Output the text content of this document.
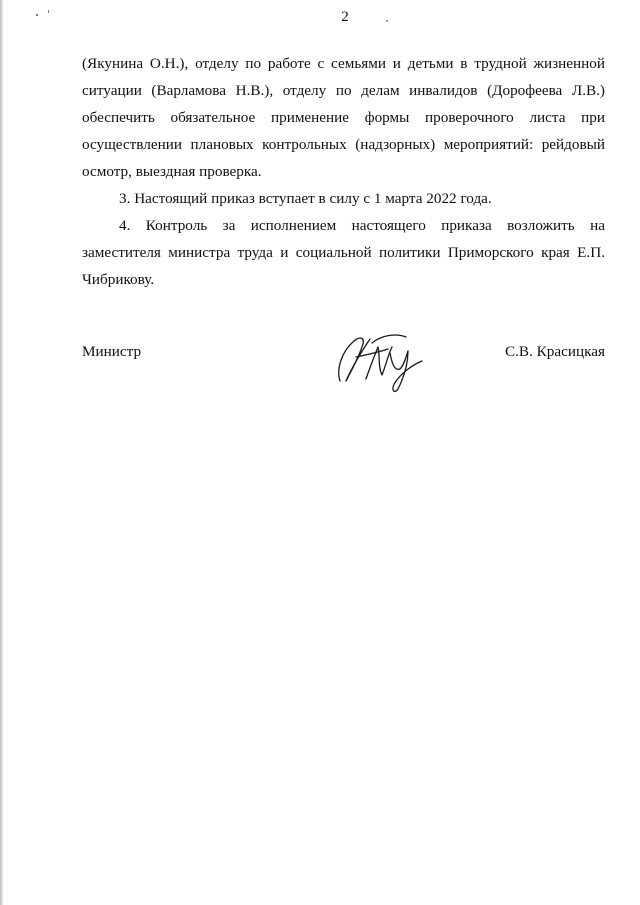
2

(Якунина О.Н.), отделу по работе с семьями и детьми в трудной жизненной ситуации (Варламова Н.В.), отделу по делам инвалидов (Дорофеева Л.В.) обеспечить обязательное применение формы проверочного листа при осуществлении плановых контрольных (надзорных) мероприятий: рейдовый осмотр, выездная проверка.

3. Настоящий приказ вступает в силу с 1 марта 2022 года.

4. Контроль за исполнением настоящего приказа возложить на заместителя министра труда и социальной политики Приморского края Е.П. Чибрикову.

Министр	С.В. Красицкая
